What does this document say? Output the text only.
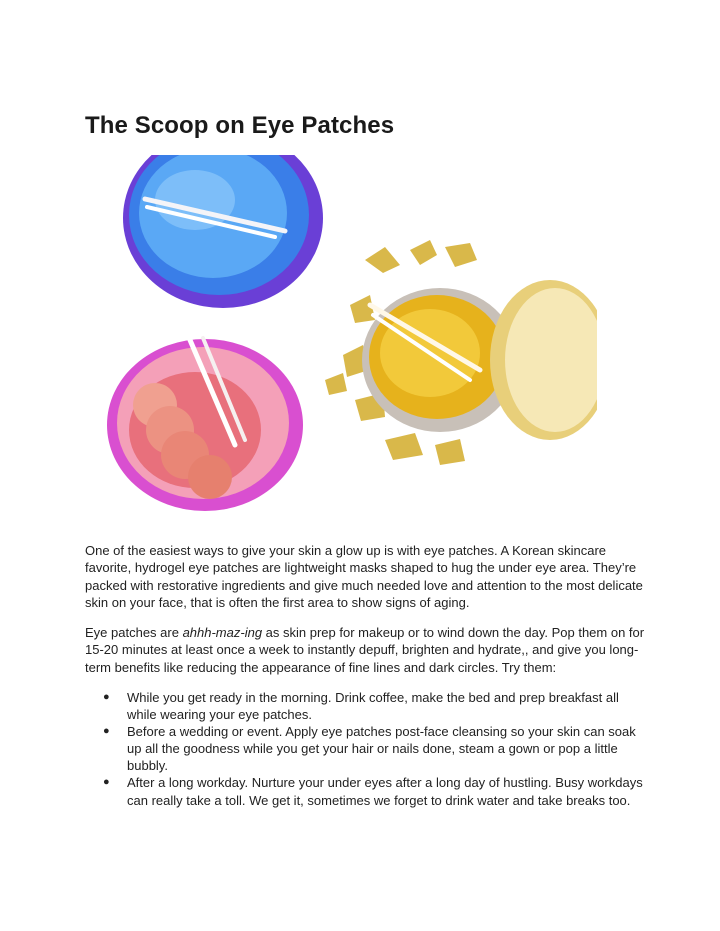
The Scoop on Eye Patches

One of the easiest ways to give your skin a glow up is with eye patches. A Korean skincare favorite, hydrogel eye patches are lightweight masks shaped to hug the under eye area. They’re packed with restorative ingredients and give much needed love and attention to the most delicate skin on your face, that is often the first area to show signs of aging.

Eye patches are ahhh-maz-ing as skin prep for makeup or to wind down the day. Pop them on for 15-20 minutes at least once a week to instantly depuff, brighten and hydrate,, and give you long-term benefits like reducing the appearance of fine lines and dark circles. Try them:

● While you get ready in the morning. Drink coffee, make the bed and prep breakfast all while wearing your eye patches.
● Before a wedding or event. Apply eye patches post-face cleansing so your skin can soak up all the goodness while you get your hair or nails done, steam a gown or pop a little bubbly.
● After a long workday. Nurture your under eyes after a long day of hustling. Busy workdays can really take a toll. We get it, sometimes we forget to drink water and take breaks too.
